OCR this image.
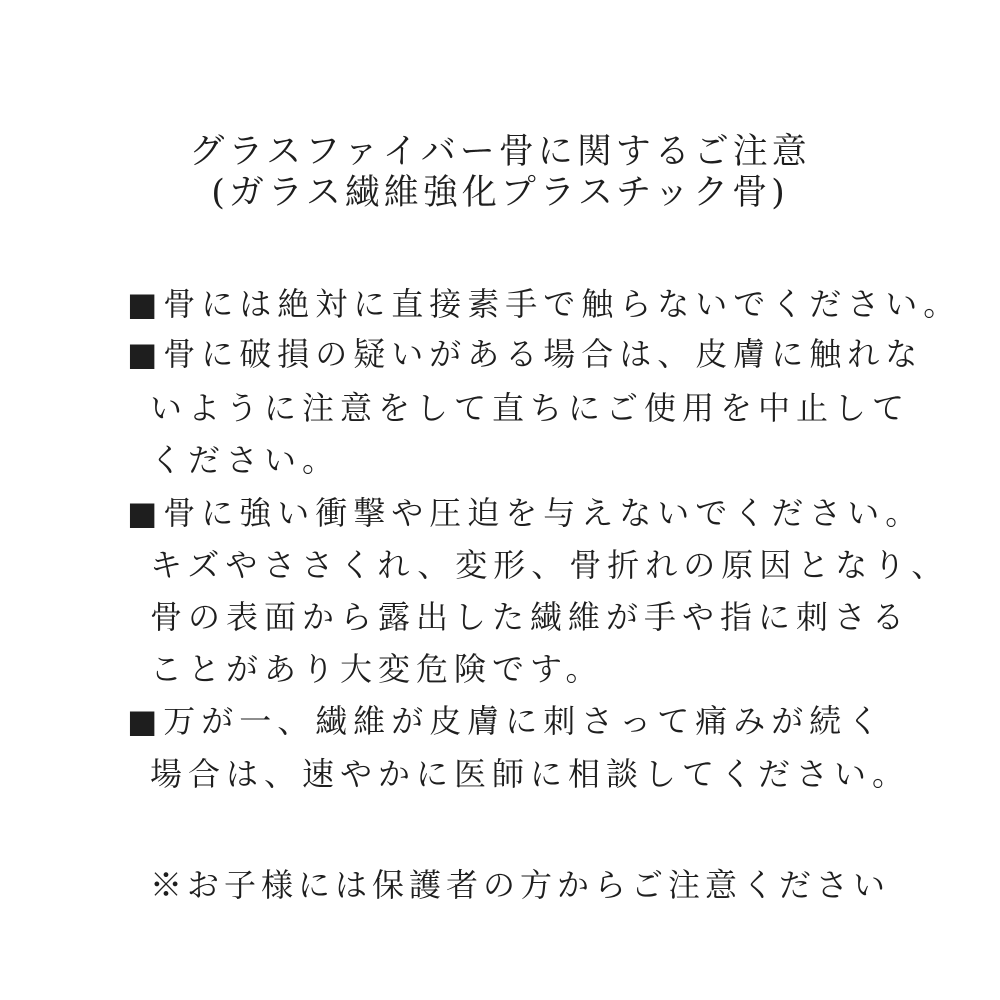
グラスファイバー骨に関するご注意
(ガラス繊維強化プラスチック骨)
■骨には絶対に直接素手で触らないでください。
■骨に破損の疑いがある場合は、皮膚に触れな
いように注意をして直ちにご使用を中止して
ください。
■骨に強い衝撃や圧迫を与えないでください。
キズやささくれ、変形、骨折れの原因となり、
骨の表面から露出した繊維が手や指に刺さる
ことがあり大変危険です。
■万が一、繊維が皮膚に刺さって痛みが続く
場合は、速やかに医師に相談してください。
※お子様には保護者の方からご注意ください
